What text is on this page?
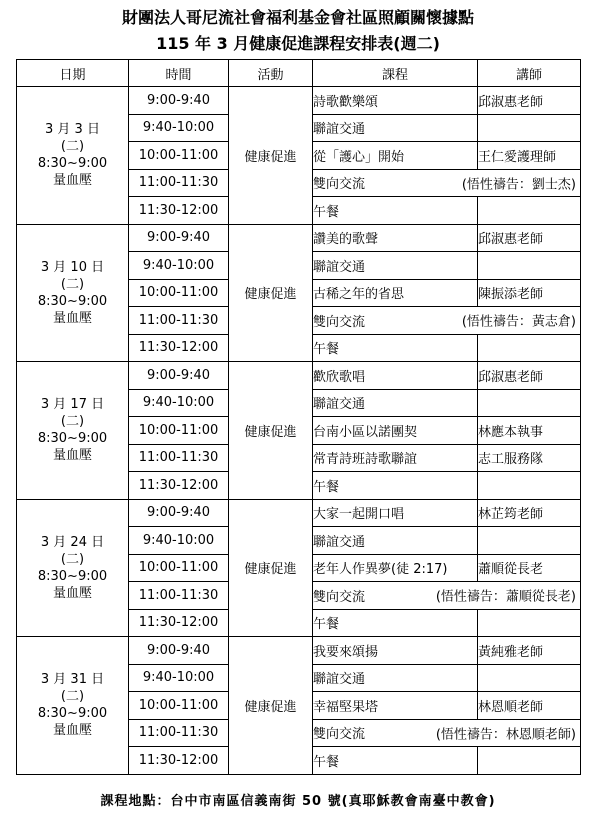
財團法人哥尼流社會福利基金會社區照顧關懷據點
115 年 3 月健康促進課程安排表(週二)
日期	時間	活動	課程	講師

3 月 3 日
(二)
8:30~9:00
量血壓	9:00-9:40	健康促進	詩歌歡樂頌	邱淑惠老師
	9:40-10:00		聯誼交通	
	10:00-11:00		從「護心」開始	王仁愛護理師
	11:00-11:30		雙向交流 (悟性禱告：劉士杰)	

	11:30-12:00		午餐	

3 月 10 日
(二)
8:30~9:00
量血壓	9:00-9:40	健康促進	讚美的歌聲	邱淑惠老師
	9:40-10:00		聯誼交通	
	10:00-11:00		古稀之年的省思	陳振添老師
	11:00-11:30		雙向交流 (悟性禱告：黃志倉)	

	11:30-12:00		午餐	

3 月 17 日
(二)
8:30~9:00
量血壓	9:00-9:40	健康促進	歡欣歌唱	邱淑惠老師
	9:40-10:00		聯誼交通	
	10:00-11:00		台南小區以諾團契	林應本執事
	11:00-11:30		常青詩班詩歌聯誼	志工服務隊
	11:30-12:00		午餐	

3 月 24 日
(二)
8:30~9:00
量血壓	9:00-9:40	健康促進	大家一起開口唱	林芷筠老師
	9:40-10:00		聯誼交通	
	10:00-11:00		老年人作異夢(徒 2:17)	蕭順從長老
	11:00-11:30		雙向交流 (悟性禱告：蕭順從長老)	

	11:30-12:00		午餐	

3 月 31 日
(二)
8:30~9:00
量血壓	9:00-9:40	健康促進	我要來頌揚	黃純雅老師
	9:40-10:00		聯誼交通	
	10:00-11:00		幸福堅果塔	林恩順老師
	11:00-11:30		雙向交流 (悟性禱告：林恩順老師)	

	11:30-12:00		午餐	
課程地點：台中市南區信義南街 50 號(真耶穌教會南臺中教會)
